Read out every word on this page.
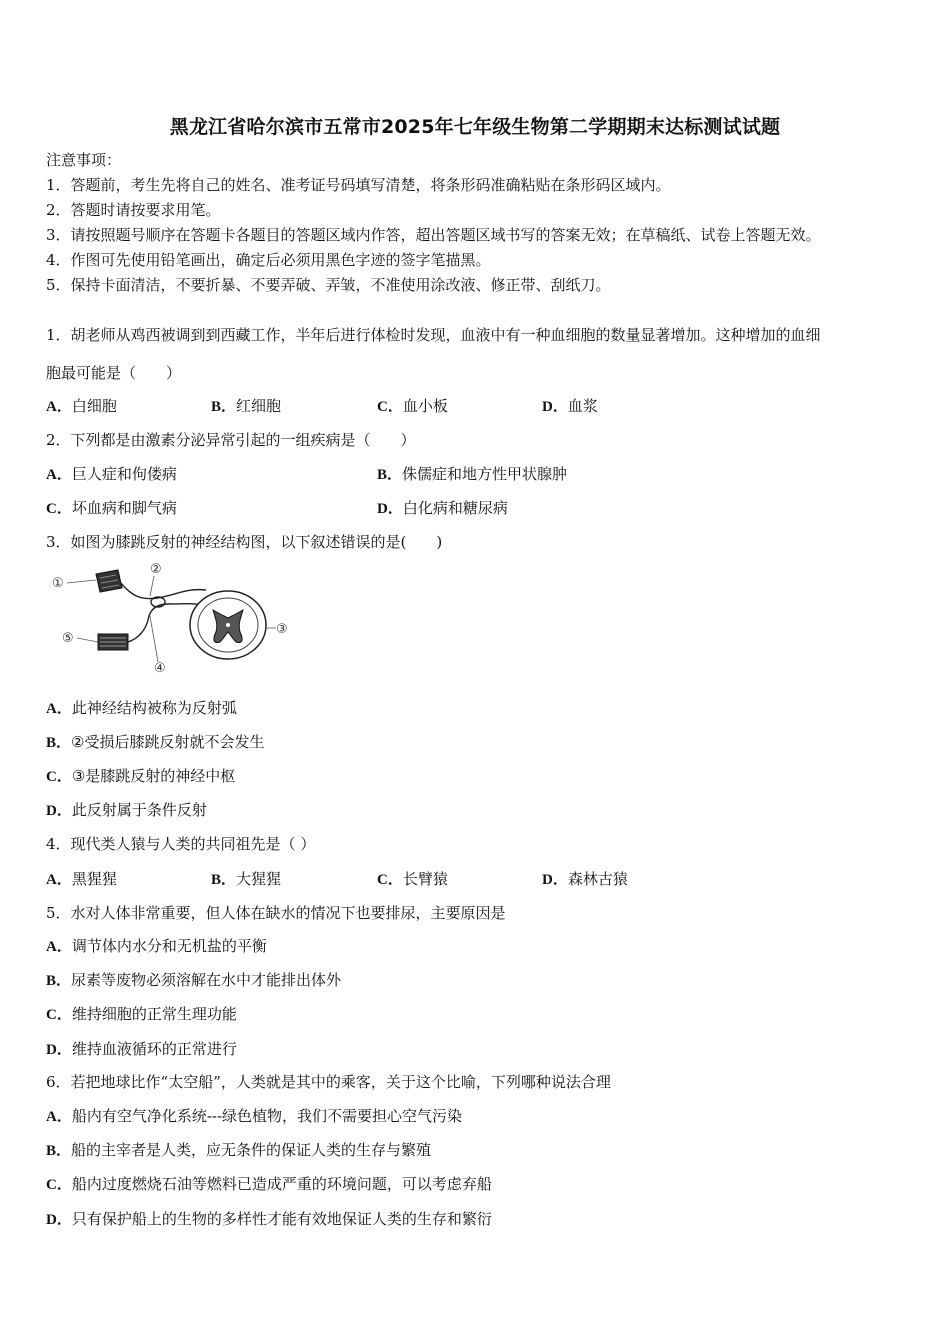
黑龙江省哈尔滨市五常市2025年七年级生物第二学期期末达标测试试题
注意事项：
1．答题前，考生先将自己的姓名、准考证号码填写清楚，将条形码准确粘贴在条形码区域内。
2．答题时请按要求用笔。
3．请按照题号顺序在答题卡各题目的答题区域内作答，超出答题区域书写的答案无效；在草稿纸、试卷上答题无效。
4．作图可先使用铅笔画出，确定后必须用黑色字迹的签字笔描黑。
5．保持卡面清洁，不要折暴、不要弄破、弄皱，不准使用涂改液、修正带、刮纸刀。
1．胡老师从鸡西被调到到西藏工作，半年后进行体检时发现，血液中有一种血细胞的数量显著增加。这种增加的血细
胞最可能是（　　）
A．白细胞	B．红细胞	C．血小板	D．血浆
2．下列都是由激素分泌异常引起的一组疾病是（　　）
A．巨人症和佝偻病	B．侏儒症和地方性甲状腺肿
C．坏血病和脚气病	D．白化病和糖尿病
3．如图为膝跳反射的神经结构图，以下叙述错误的是(　　)
①
②
③
④
⑤
A．此神经结构被称为反射弧
B．②受损后膝跳反射就不会发生
C．③是膝跳反射的神经中枢
D．此反射属于条件反射
4．现代类人猿与人类的共同祖先是（ ）
A．黑猩猩	B．大猩猩	C．长臂猿	D．森林古猿
5．水对人体非常重要，但人体在缺水的情况下也要排尿，主要原因是
A．调节体内水分和无机盐的平衡
B．尿素等废物必须溶解在水中才能排出体外
C．维持细胞的正常生理功能
D．维持血液循环的正常进行
6．若把地球比作“太空船”，人类就是其中的乘客，关于这个比喻，下列哪种说法合理
A．船内有空气净化系统---绿色植物，我们不需要担心空气污染
B．船的主宰者是人类，应无条件的保证人类的生存与繁殖
C．船内过度燃烧石油等燃料已造成严重的环境问题，可以考虑弃船
D．只有保护船上的生物的多样性才能有效地保证人类的生存和繁衍
